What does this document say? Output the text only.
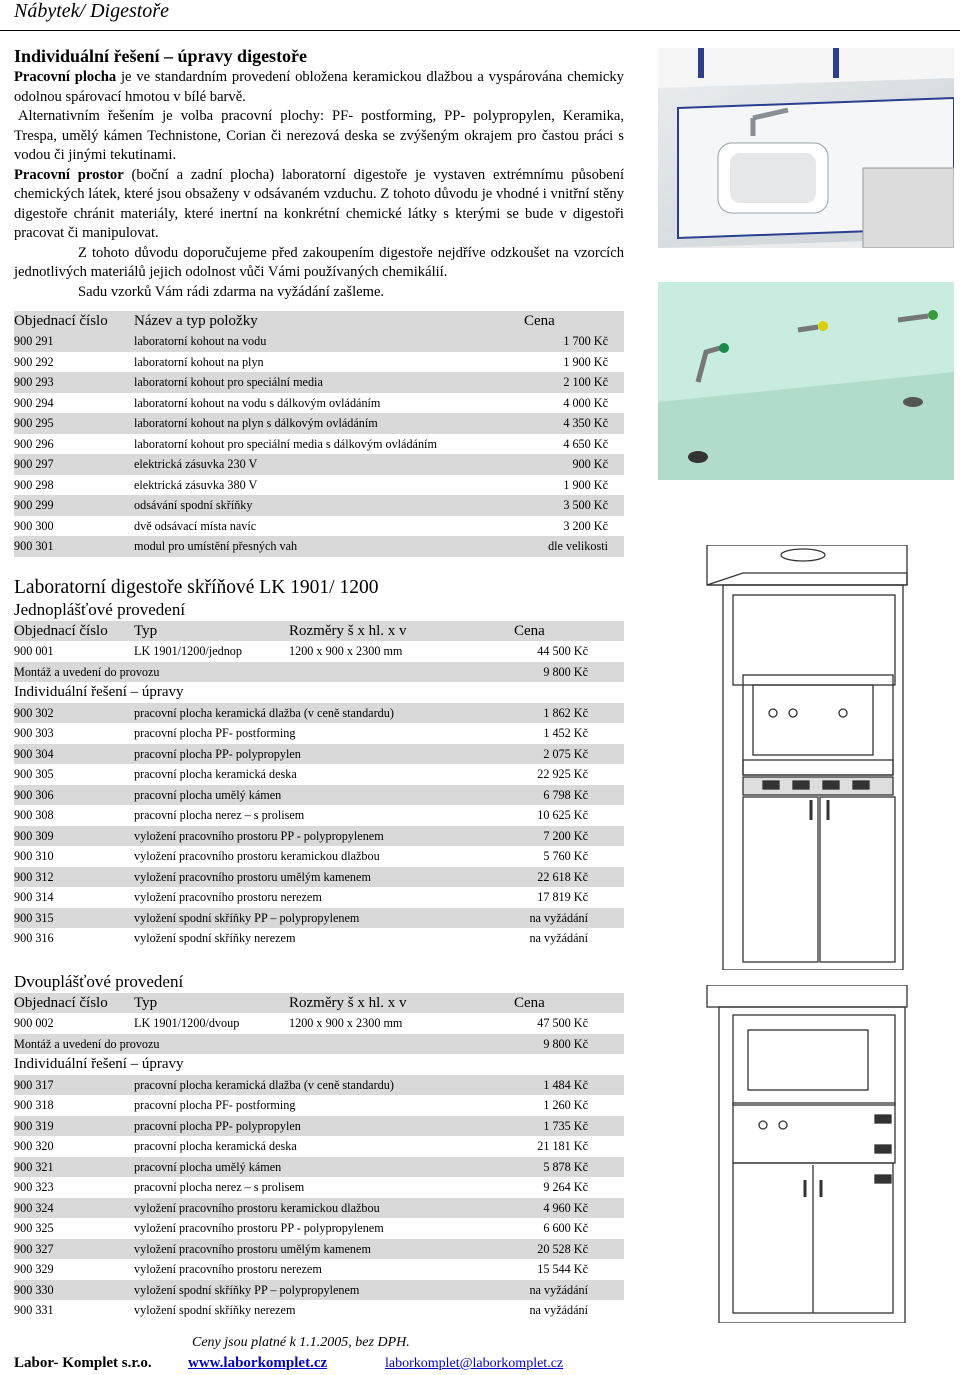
Nábytek/ Digestoře
Individuální řešení – úpravy digestoře
Pracovní plocha je ve standardním provedení obložena keramickou dlažbou a vyspárována chemicky odolnou spárovací hmotou v bílé barvě.
Alternativním řešením je volba pracovní plochy: PF- postforming, PP- polypropylen, Keramika, Trespa, umělý kámen Technistone, Corian či nerezová deska se zvýšeným okrajem pro častou práci s vodou či jinými tekutinami.
Pracovní prostor (boční a zadní plocha) laboratorní digestoře je vystaven extrémnímu působení chemických látek, které jsou obsaženy v odsávaném vzduchu. Z tohoto důvodu je vhodné i vnitřní stěny digestoře chránit materiály, které inertní na konkrétní chemické látky s kterými se bude v digestoři pracovat či manipulovat.
Z tohoto důvodu doporučujeme před zakoupením digestoře nejdříve odzkoušet na vzorcích jednotlivých materiálů jejich odolnost vůči Vámi používaných chemikálií.
Sadu vzorků Vám rádi zdarma na vyžádání zašleme.
Objednací číslo Název a typ položky	Cena
900 291	laboratorní kohout na vodu	1 700 Kč
900 292	laboratorní kohout na plyn	1 900 Kč
900 293	laboratorní kohout pro speciální media	2 100 Kč
900 294	laboratorní kohout na vodu s dálkovým ovládáním	4 000 Kč
900 295	laboratorní kohout na plyn s dálkovým ovládáním	4 350 Kč
900 296	laboratorní kohout pro speciální media s dálkovým ovládáním	4 650 Kč
900 297	elektrická zásuvka 230 V	900 Kč
900 298	elektrická zásuvka 380 V	1 900 Kč
900 299	odsávání spodní skříňky	3 500 Kč
900 300	dvě odsávací místa navíc	3 200 Kč
900 301	modul pro umístění přesných vah	dle velikosti
Laboratorní digestoře skříňové LK 1901/ 1200
Jednoplášťové provedení
Objednací číslo Typ	Rozměry š x hl. x v	Cena
900 001	LK 1901/1200/jednop	1200 x 900 x 2300 mm	44 500 Kč
Montáž a uvedení do provozu	9 800 Kč
Individuální řešení – úpravy
900 302	pracovní plocha keramická dlažba (v ceně standardu)	1 862 Kč
900 303	pracovní plocha PF- postforming	1 452 Kč
900 304	pracovní plocha PP- polypropylen	2 075 Kč
900 305	pracovní plocha keramická deska	22 925 Kč
900 306	pracovní plocha umělý kámen	6 798 Kč
900 308	pracovní plocha nerez – s prolisem	10 625 Kč
900 309	vyložení pracovního prostoru PP - polypropylenem	7 200 Kč
900 310	vyložení pracovního prostoru keramickou dlažbou	5 760 Kč
900 312	vyložení pracovního prostoru umělým kamenem	22 618 Kč
900 314	vyložení pracovního prostoru nerezem	17 819 Kč
900 315	vyložení spodní skříňky PP – polypropylenem	na vyžádání
900 316	vyložení spodní skříňky nerezem	na vyžádání
Dvouplášťové provedení
Objednací číslo Typ	Rozměry š x hl. x v	Cena
900 002	LK 1901/1200/dvoup	1200 x 900 x 2300 mm	47 500 Kč
Montáž a uvedení do provozu	9 800 Kč
Individuální řešení – úpravy
900 317	pracovní plocha keramická dlažba (v ceně standardu)	1 484 Kč
900 318	pracovní plocha PF- postforming	1 260 Kč
900 319	pracovní plocha PP- polypropylen	1 735 Kč
900 320	pracovní plocha keramická deska	21 181 Kč
900 321	pracovní plocha umělý kámen	5 878 Kč
900 323	pracovní plocha nerez – s prolisem	9 264 Kč
900 324	vyložení pracovního prostoru keramickou dlažbou	4 960 Kč
900 325	vyložení pracovního prostoru PP - polypropylenem	6 600 Kč
900 327	vyložení pracovního prostoru umělým kamenem	20 528 Kč
900 329	vyložení pracovního prostoru nerezem	15 544 Kč
900 330	vyložení spodní skříňky PP – polypropylenem	na vyžádání
900 331	vyložení spodní skříňky nerezem	na vyžádání
Ceny jsou platné k 1.1.2005, bez DPH.
Labor- Komplet s.r.o. www.laborkomplet.cz	laborkomplet@laborkomplet.cz
